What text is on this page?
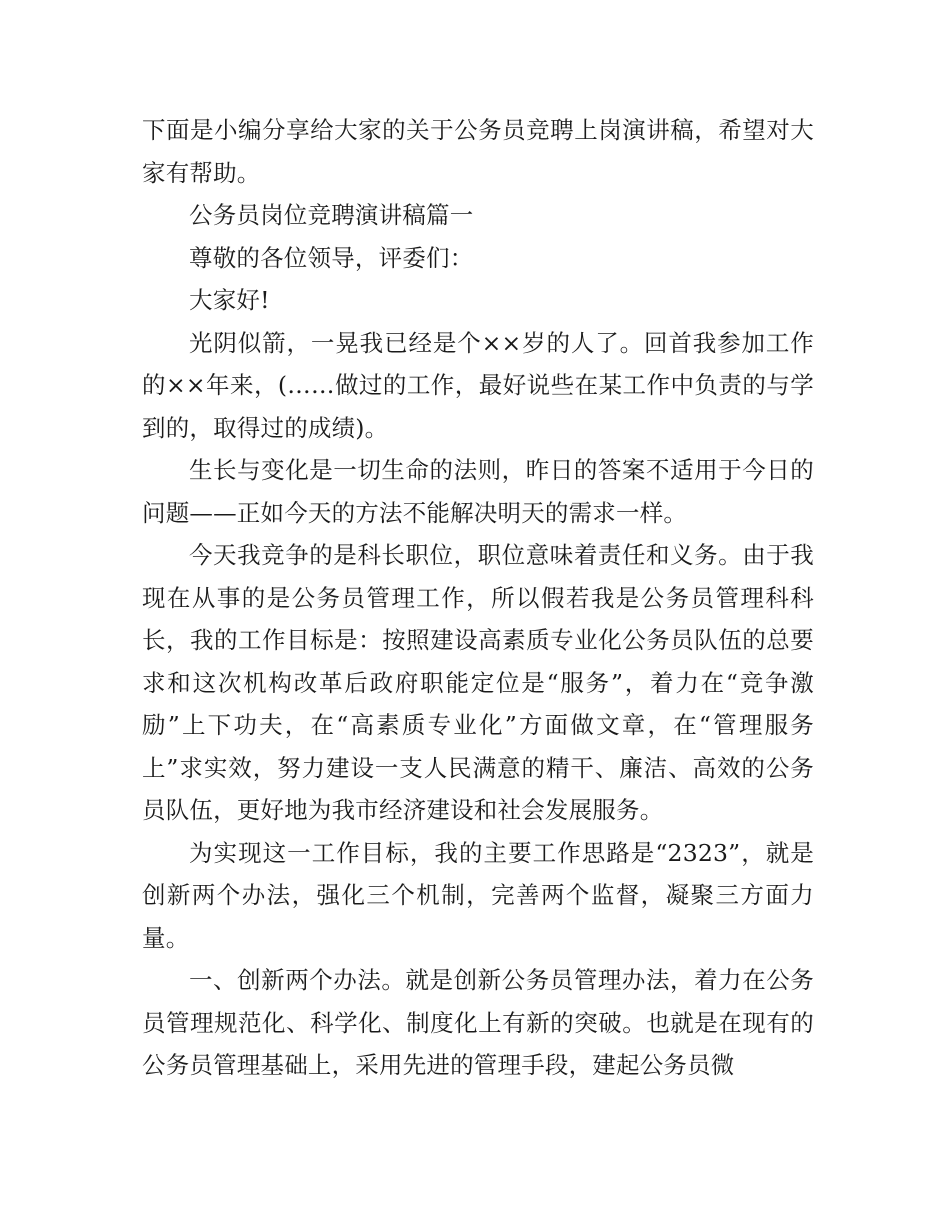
下面是小编分享给大家的关于公务员竞聘上岗演讲稿，希望对大家有帮助。

公务员岗位竞聘演讲稿篇一

尊敬的各位领导，评委们：

大家好!

光阴似箭，一晃我已经是个××岁的人了。回首我参加工作的××年来，(……做过的工作，最好说些在某工作中负责的与学到的，取得过的成绩)。

生长与变化是一切生命的法则，昨日的答案不适用于今日的问题——正如今天的方法不能解决明天的需求一样。

今天我竞争的是科长职位，职位意味着责任和义务。由于我现在从事的是公务员管理工作，所以假若我是公务员管理科科长，我的工作目标是：按照建设高素质专业化公务员队伍的总要求和这次机构改革后政府职能定位是“服务”，着力在“竞争激励”上下功夫，在“高素质专业化”方面做文章，在“管理服务上”求实效，努力建设一支人民满意的精干、廉洁、高效的公务员队伍，更好地为我市经济建设和社会发展服务。

为实现这一工作目标，我的主要工作思路是“2323”，就是创新两个办法，强化三个机制，完善两个监督，凝聚三方面力量。

一、创新两个办法。就是创新公务员管理办法，着力在公务员管理规范化、科学化、制度化上有新的突破。也就是在现有的公务员管理基础上，采用先进的管理手段，建起公务员微
